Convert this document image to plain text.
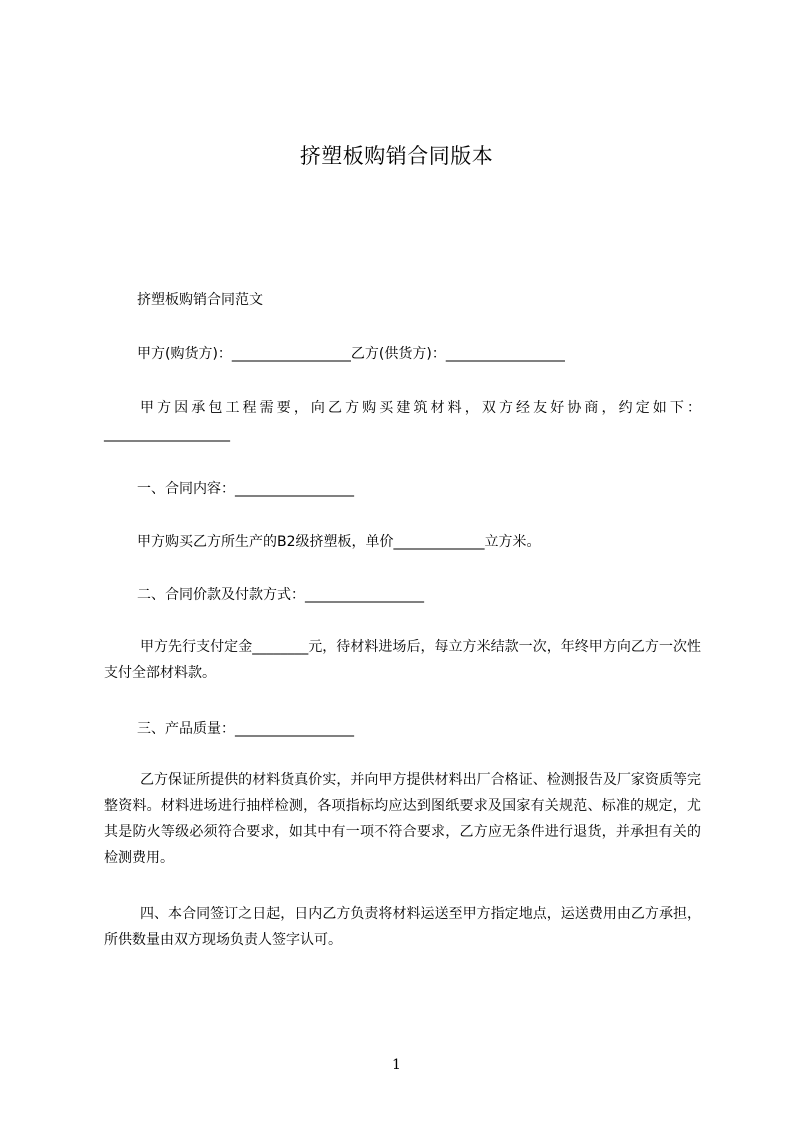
挤塑板购销合同版本
挤塑板购销合同范文
甲方(购货方)：_________________乙方(供货方)：_________________
甲方因承包工程需要，向乙方购买建筑材料，双方经友好协商，约定如下：__________________
一、合同内容：_________________
甲方购买乙方所生产的B2级挤塑板，单价_____________立方米。
二、合同价款及付款方式：_________________
甲方先行支付定金________元，待材料进场后，每立方米结款一次，年终甲方向乙方一次性支付全部材料款。
三、产品质量：_________________
乙方保证所提供的材料货真价实，并向甲方提供材料出厂合格证、检测报告及厂家资质等完整资料。材料进场进行抽样检测，各项指标均应达到图纸要求及国家有关规范、标准的规定，尤其是防火等级必须符合要求，如其中有一项不符合要求，乙方应无条件进行退货，并承担有关的检测费用。
四、本合同签订之日起，日内乙方负责将材料运送至甲方指定地点，运送费用由乙方承担，所供数量由双方现场负责人签字认可。
1
